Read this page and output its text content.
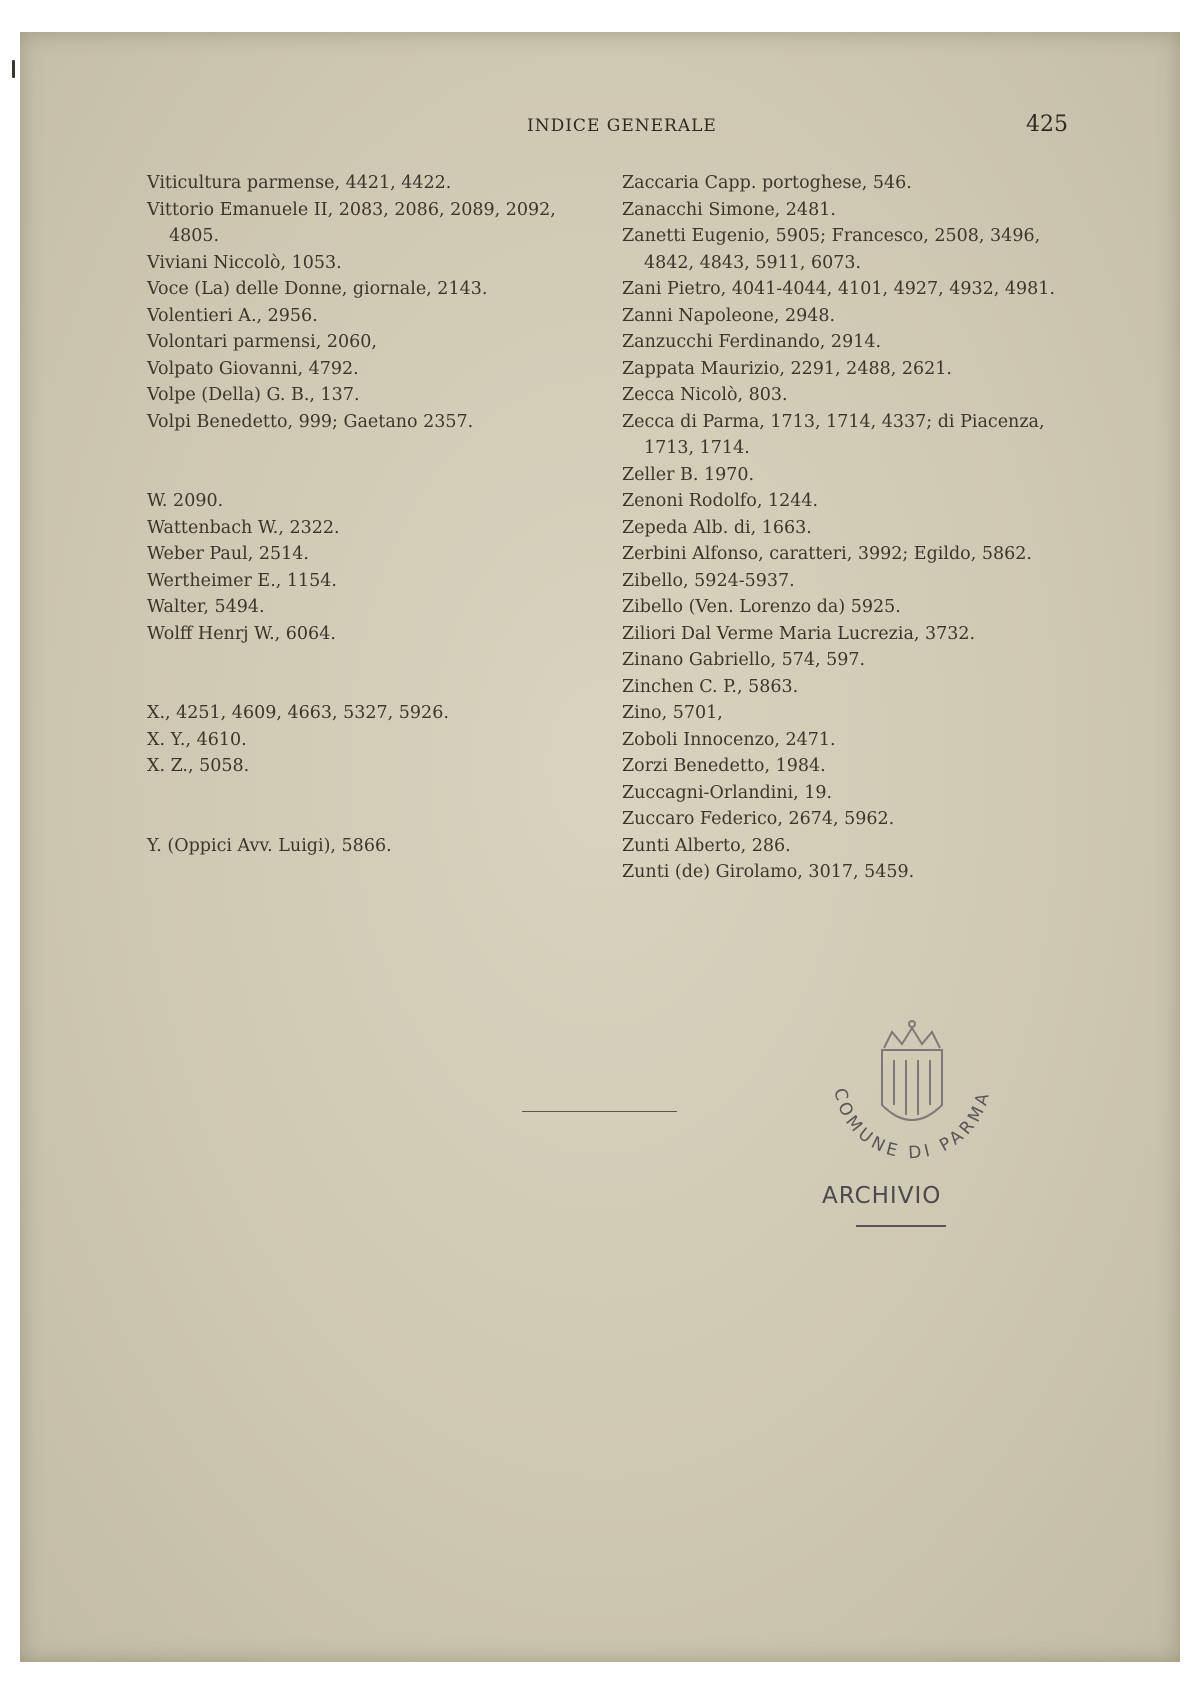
INDICE GENERALE	425

Viticultura parmense, 4421, 4422.

Vittorio Emanuele II, 2083, 2086, 2089, 2092, 4805.

Viviani Niccolò, 1053.

Voce (La) delle Donne, giornale, 2143.

Volentieri A., 2956.

Volontari parmensi, 2060,

Volpato Giovanni, 4792.

Volpe (Della) G. B., 137.

Volpi Benedetto, 999; Gaetano 2357.

W. 2090.

Wattenbach W., 2322.

Weber Paul, 2514.

Wertheimer E., 1154.

Walter, 5494.

Wolff Henrj W., 6064.

X., 4251, 4609, 4663, 5327, 5926.

X. Y., 4610.

X. Z., 5058.

Y. (Oppici Avv. Luigi), 5866.

Zaccaria Capp. portoghese, 546.

Zanacchi Simone, 2481.

Zanetti Eugenio, 5905; Francesco, 2508, 3496, 4842, 4843, 5911, 6073.

Zani Pietro, 4041-4044, 4101, 4927, 4932, 4981.

Zanni Napoleone, 2948.

Zanzucchi Ferdinando, 2914.

Zappata Maurizio, 2291, 2488, 2621.

Zecca Nicolò, 803.

Zecca di Parma, 1713, 1714, 4337; di Piacenza, 1713, 1714.

Zeller B. 1970.

Zenoni Rodolfo, 1244.

Zepeda Alb. di, 1663.

Zerbini Alfonso, caratteri, 3992; Egildo, 5862.

Zibello, 5924-5937.

Zibello (Ven. Lorenzo da) 5925.

Ziliori Dal Verme Maria Lucrezia, 3732.

Zinano Gabriello, 574, 597.

Zinchen C. P., 5863.

Zino, 5701,

Zoboli Innocenzo, 2471.

Zorzi Benedetto, 1984.

Zuccagni-Orlandini, 19.

Zuccaro Federico, 2674, 5962.

Zunti Alberto, 286.

Zunti (de) Girolamo, 3017, 5459.

COMUNE DI PARMA
ARCHIVIO
